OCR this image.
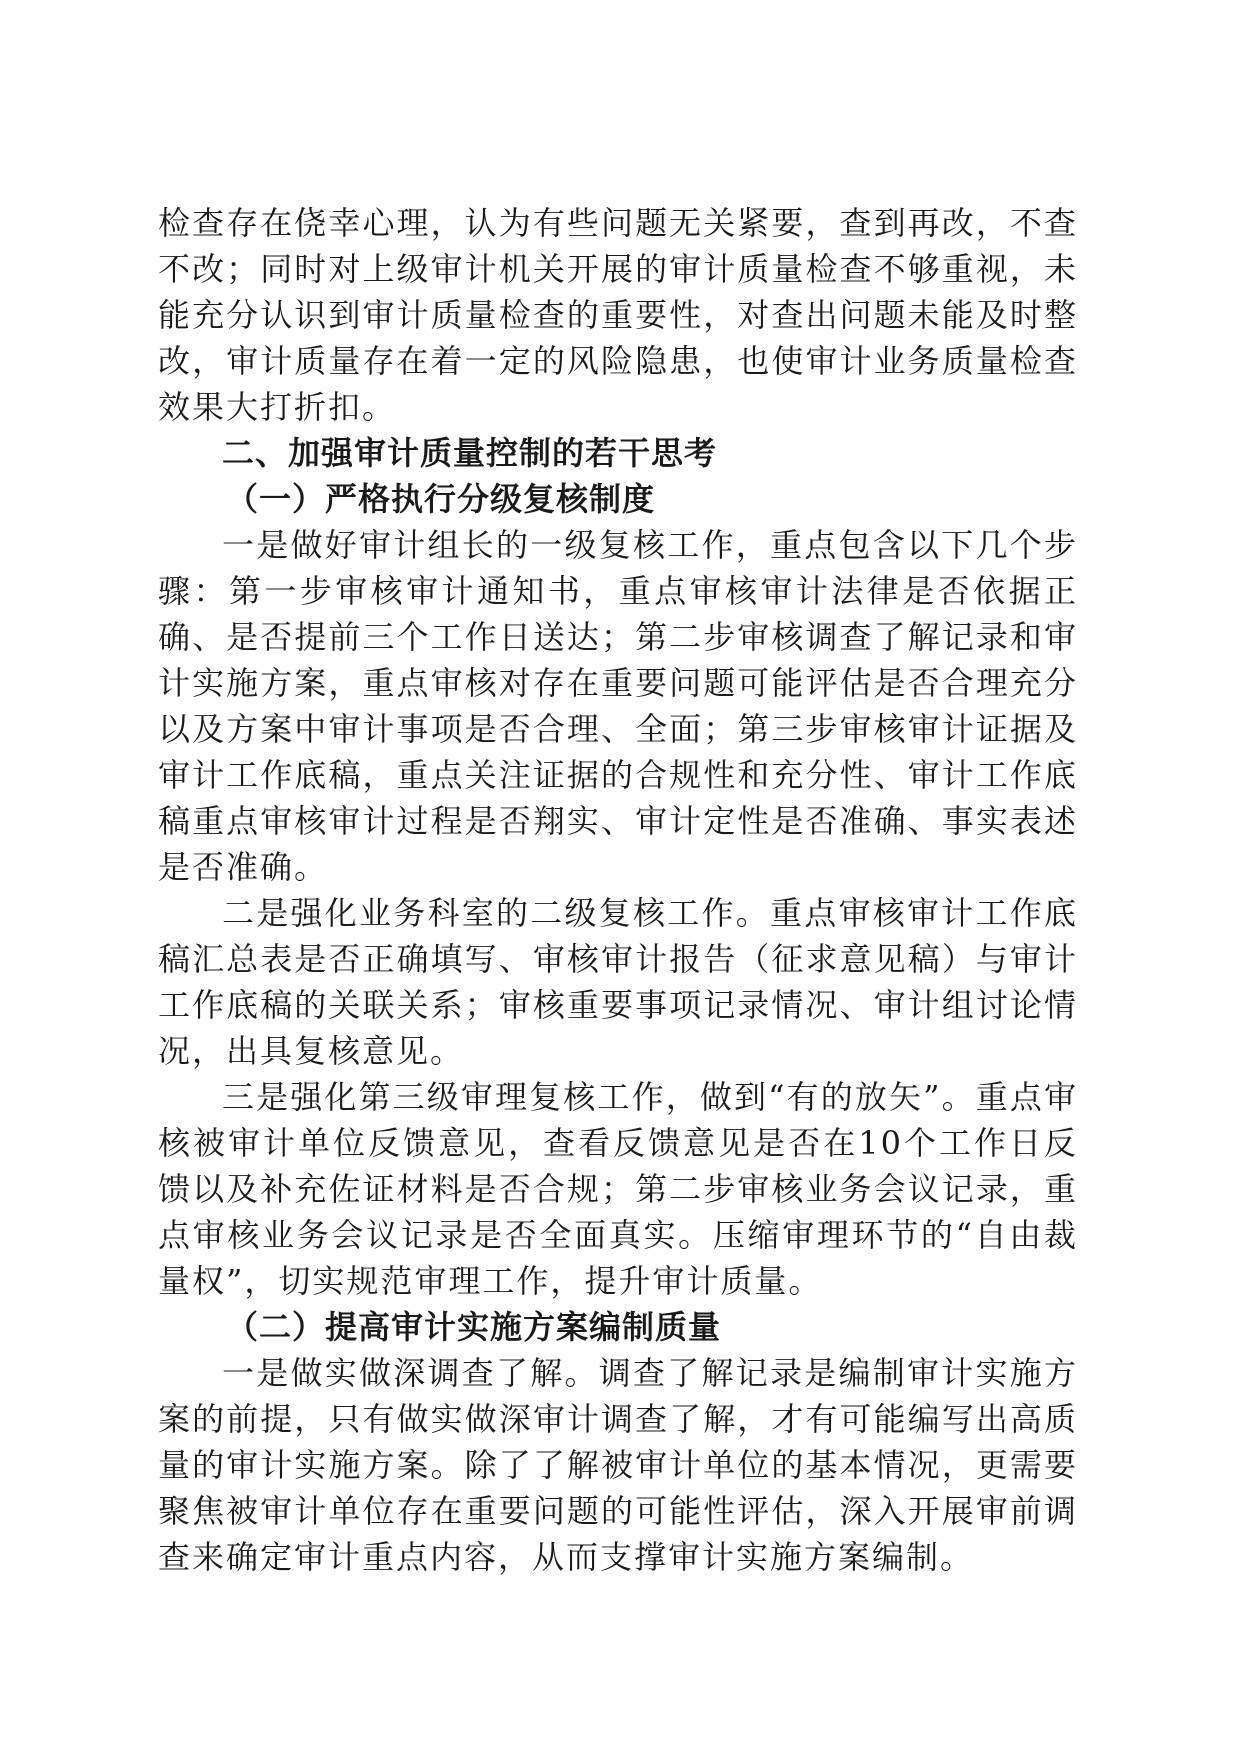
检查存在侥幸心理，认为有些问题无关紧要，查到再改，不查不改；同时对上级审计机关开展的审计质量检查不够重视，未能充分认识到审计质量检查的重要性，对查出问题未能及时整改，审计质量存在着一定的风险隐患，也使审计业务质量检查效果大打折扣。

二、加强审计质量控制的若干思考

（一）严格执行分级复核制度

一是做好审计组长的一级复核工作，重点包含以下几个步骤：第一步审核审计通知书，重点审核审计法律是否依据正确、是否提前三个工作日送达；第二步审核调查了解记录和审计实施方案，重点审核对存在重要问题可能评估是否合理充分以及方案中审计事项是否合理、全面；第三步审核审计证据及审计工作底稿，重点关注证据的合规性和充分性、审计工作底稿重点审核审计过程是否翔实、审计定性是否准确、事实表述是否准确。

二是强化业务科室的二级复核工作。重点审核审计工作底稿汇总表是否正确填写、审核审计报告（征求意见稿）与审计工作底稿的关联关系；审核重要事项记录情况、审计组讨论情况，出具复核意见。

三是强化第三级审理复核工作，做到“有的放矢”。重点审核被审计单位反馈意见，查看反馈意见是否在10个工作日反馈以及补充佐证材料是否合规；第二步审核业务会议记录，重点审核业务会议记录是否全面真实。压缩审理环节的“自由裁量权”，切实规范审理工作，提升审计质量。

（二）提高审计实施方案编制质量

一是做实做深调查了解。调查了解记录是编制审计实施方案的前提，只有做实做深审计调查了解，才有可能编写出高质量的审计实施方案。除了了解被审计单位的基本情况，更需要聚焦被审计单位存在重要问题的可能性评估，深入开展审前调查来确定审计重点内容，从而支撑审计实施方案编制。
